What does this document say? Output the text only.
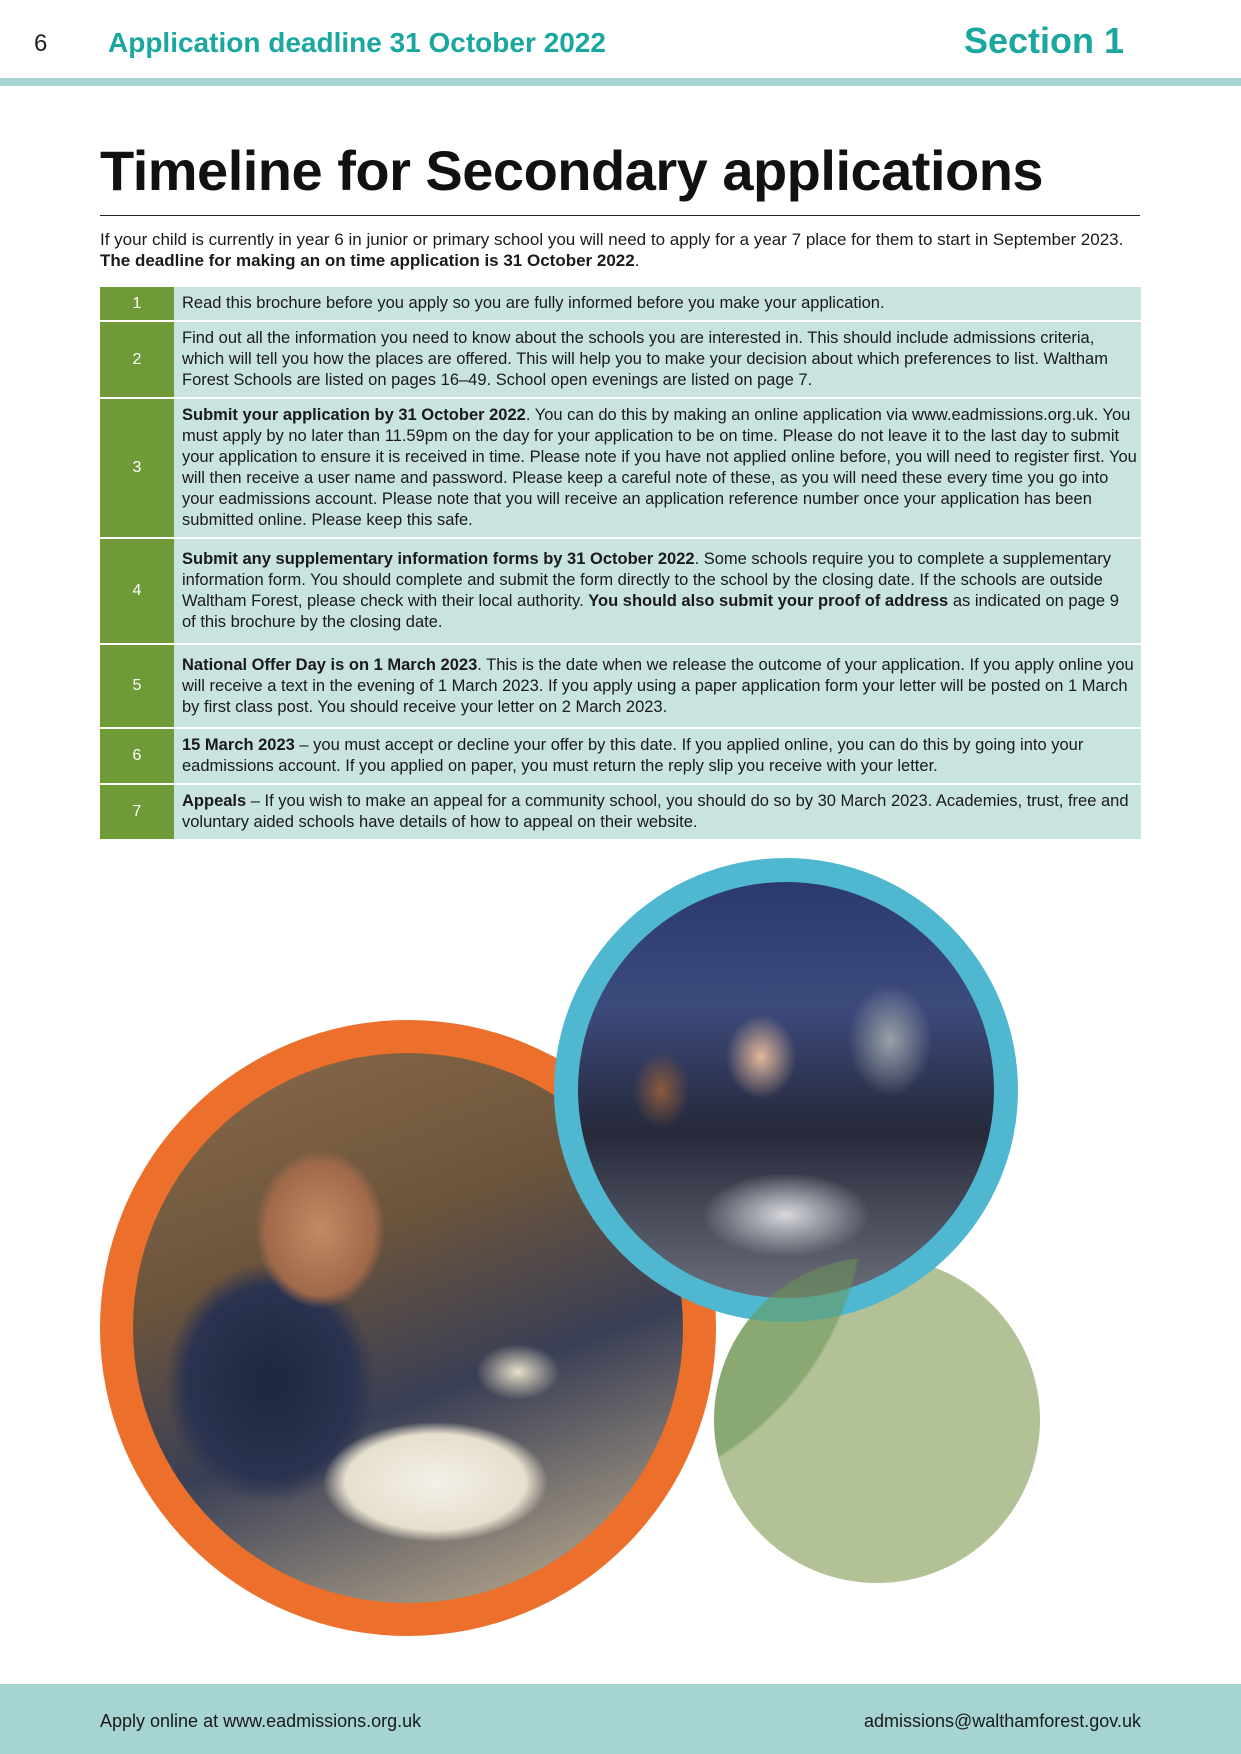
6 Application deadline 31 October 2022	Section 1
Timeline for Secondary applications

If your child is currently in year 6 in junior or primary school you will need to apply for a year 7 place for them to start in September 2023. The deadline for making an on time application is 31 October 2022.

1	Read this brochure before you apply so you are fully informed before you make your application.
2	Find out all the information you need to know about the schools you are interested in. This should include admissions criteria, which will tell you how the places are offered. This will help you to make your decision about which preferences to list. Waltham Forest Schools are listed on pages 16–49. School open evenings are listed on page 7.
3	Submit your application by 31 October 2022. You can do this by making an online application via www.eadmissions.org.uk. You must apply by no later than 11.59pm on the day for your application to be on time. Please do not leave it to the last day to submit your application to ensure it is received in time. Please note if you have not applied online before, you will need to register first. You will then receive a user name and password. Please keep a careful note of these, as you will need these every time you go into your eadmissions account. Please note that you will receive an application reference number once your application has been submitted online. Please keep this safe.
4	Submit any supplementary information forms by 31 October 2022. Some schools require you to complete a supplementary information form. You should complete and submit the form directly to the school by the closing date. If the schools are outside Waltham Forest, please check with their local authority. You should also submit your proof of address as indicated on page 9 of this brochure by the closing date.
5	National Offer Day is on 1 March 2023. This is the date when we release the outcome of your application. If you apply online you will receive a text in the evening of 1 March 2023. If you apply using a paper application form your letter will be posted on 1 March by first class post. You should receive your letter on 2 March 2023.
6	15 March 2023 – you must accept or decline your offer by this date. If you applied online, you can do this by going into your eadmissions account. If you applied on paper, you must return the reply slip you receive with your letter.
7	Appeals – If you wish to make an appeal for a community school, you should do so by 30 March 2023. Academies, trust, free and voluntary aided schools have details of how to appeal on their website.
Apply online at www.eadmissions.org.uk	admissions@walthamforest.gov.uk
